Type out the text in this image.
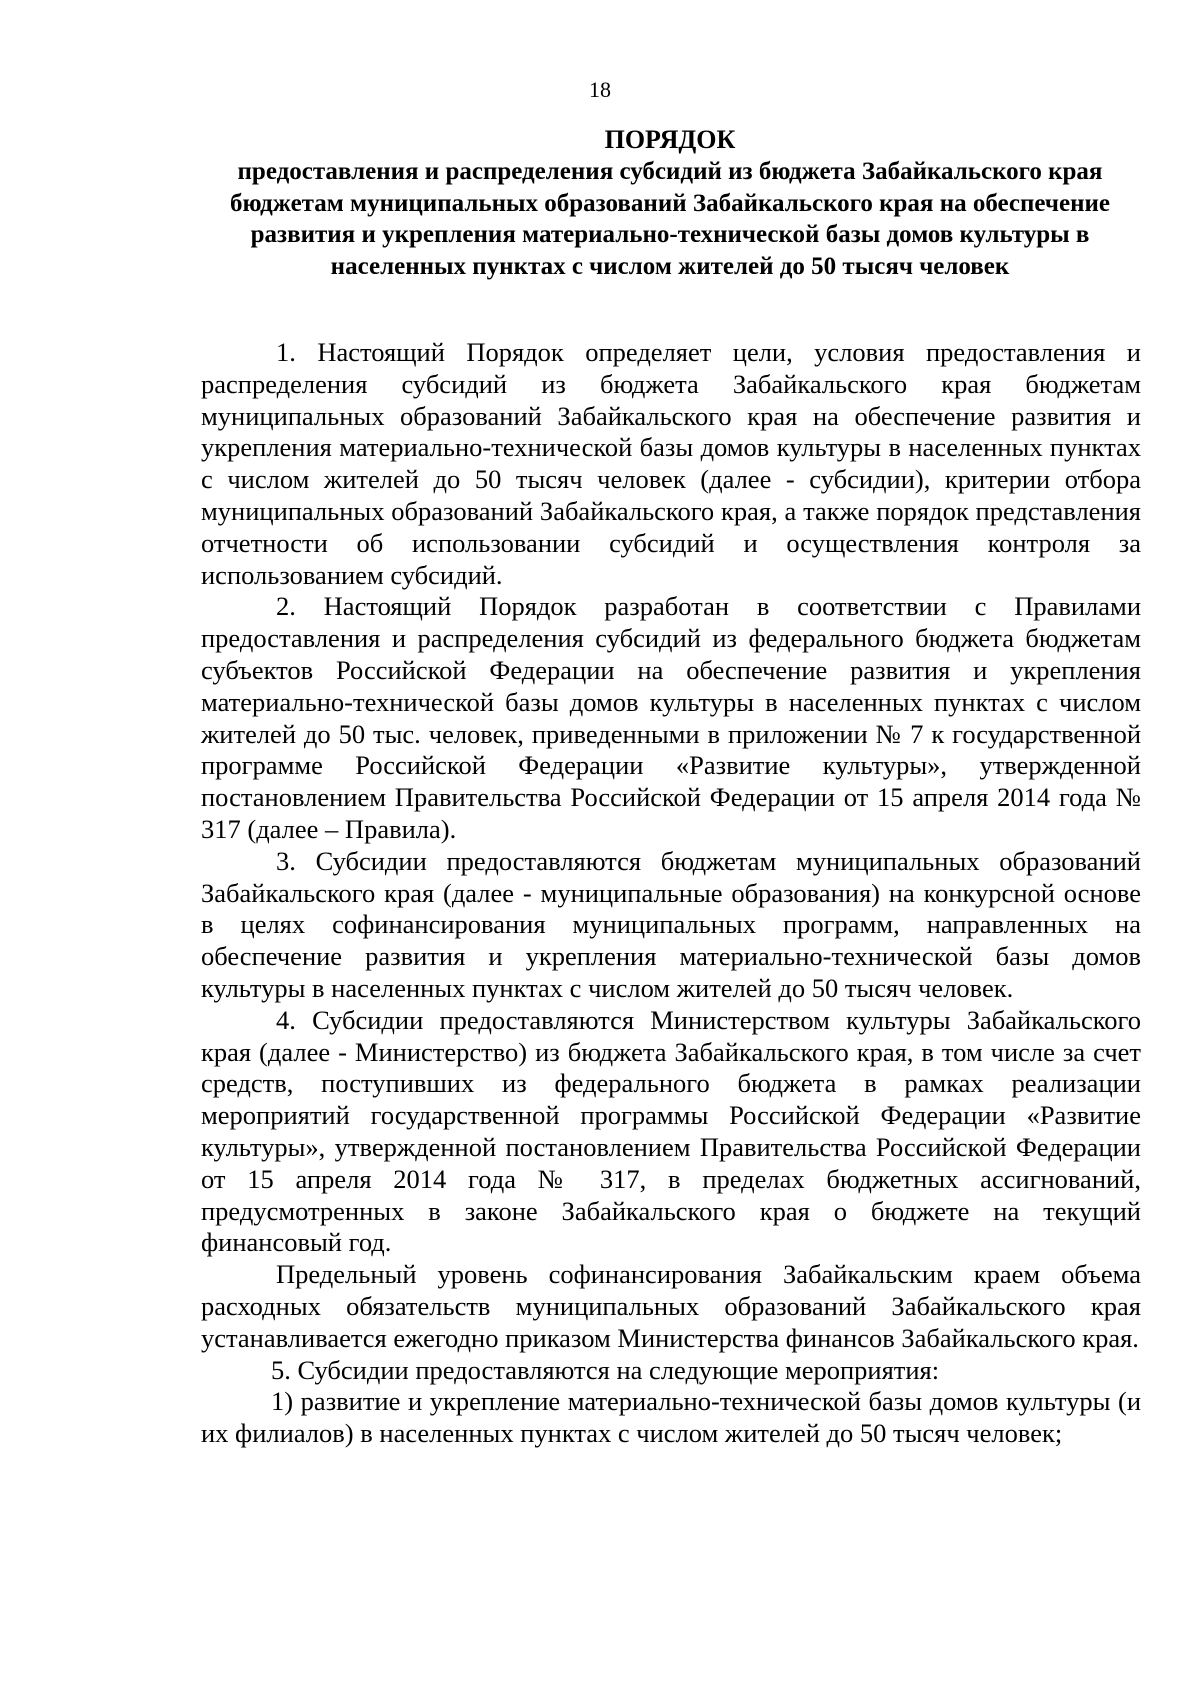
18
ПОРЯДОК
предоставления и распределения субсидий из бюджета Забайкальского края бюджетам муниципальных образований Забайкальского края на обеспечение развития и укрепления материально-технической базы домов культуры в населенных пунктах с числом жителей до 50 тысяч человек

1. Настоящий Порядок определяет цели, условия предоставления и распределения субсидий из бюджета Забайкальского края бюджетам муниципальных образований Забайкальского края на обеспечение развития и укрепления материально-технической базы домов культуры в населенных пунктах с числом жителей до 50 тысяч человек (далее - субсидии), критерии отбора муниципальных образований Забайкальского края, а также порядок представления отчетности об использовании субсидий и осуществления контроля за использованием субсидий.

2. Настоящий Порядок разработан в соответствии с Правилами предоставления и распределения субсидий из федерального бюджета бюджетам субъектов Российской Федерации на обеспечение развития и укрепления материально-технической базы домов культуры в населенных пунктах с числом жителей до 50 тыс. человек, приведенными в приложении № 7 к государственной программе Российской Федерации «Развитие культуры», утвержденной постановлением Правительства Российской Федерации от 15 апреля 2014 года № 317 (далее – Правила).

3. Субсидии предоставляются бюджетам муниципальных образований Забайкальского края (далее - муниципальные образования) на конкурсной основе в целях софинансирования муниципальных программ, направленных на обеспечение развития и укрепления материально-технической базы домов культуры в населенных пунктах с числом жителей до 50 тысяч человек.

4. Субсидии предоставляются Министерством культуры Забайкальского края (далее - Министерство) из бюджета Забайкальского края, в том числе за счет средств, поступивших из федерального бюджета в рамках реализации мероприятий государственной программы Российской Федерации «Развитие культуры», утвержденной постановлением Правительства Российской Федерации от 15 апреля 2014 года № 317, в пределах бюджетных ассигнований, предусмотренных в законе Забайкальского края о бюджете на текущий финансовый год.

Предельный уровень софинансирования Забайкальским краем объема расходных обязательств муниципальных образований Забайкальского края устанавливается ежегодно приказом Министерства финансов Забайкальского края.

5. Субсидии предоставляются на следующие мероприятия:

1) развитие и укрепление материально-технической базы домов культуры (и их филиалов) в населенных пунктах с числом жителей до 50 тысяч человек;
